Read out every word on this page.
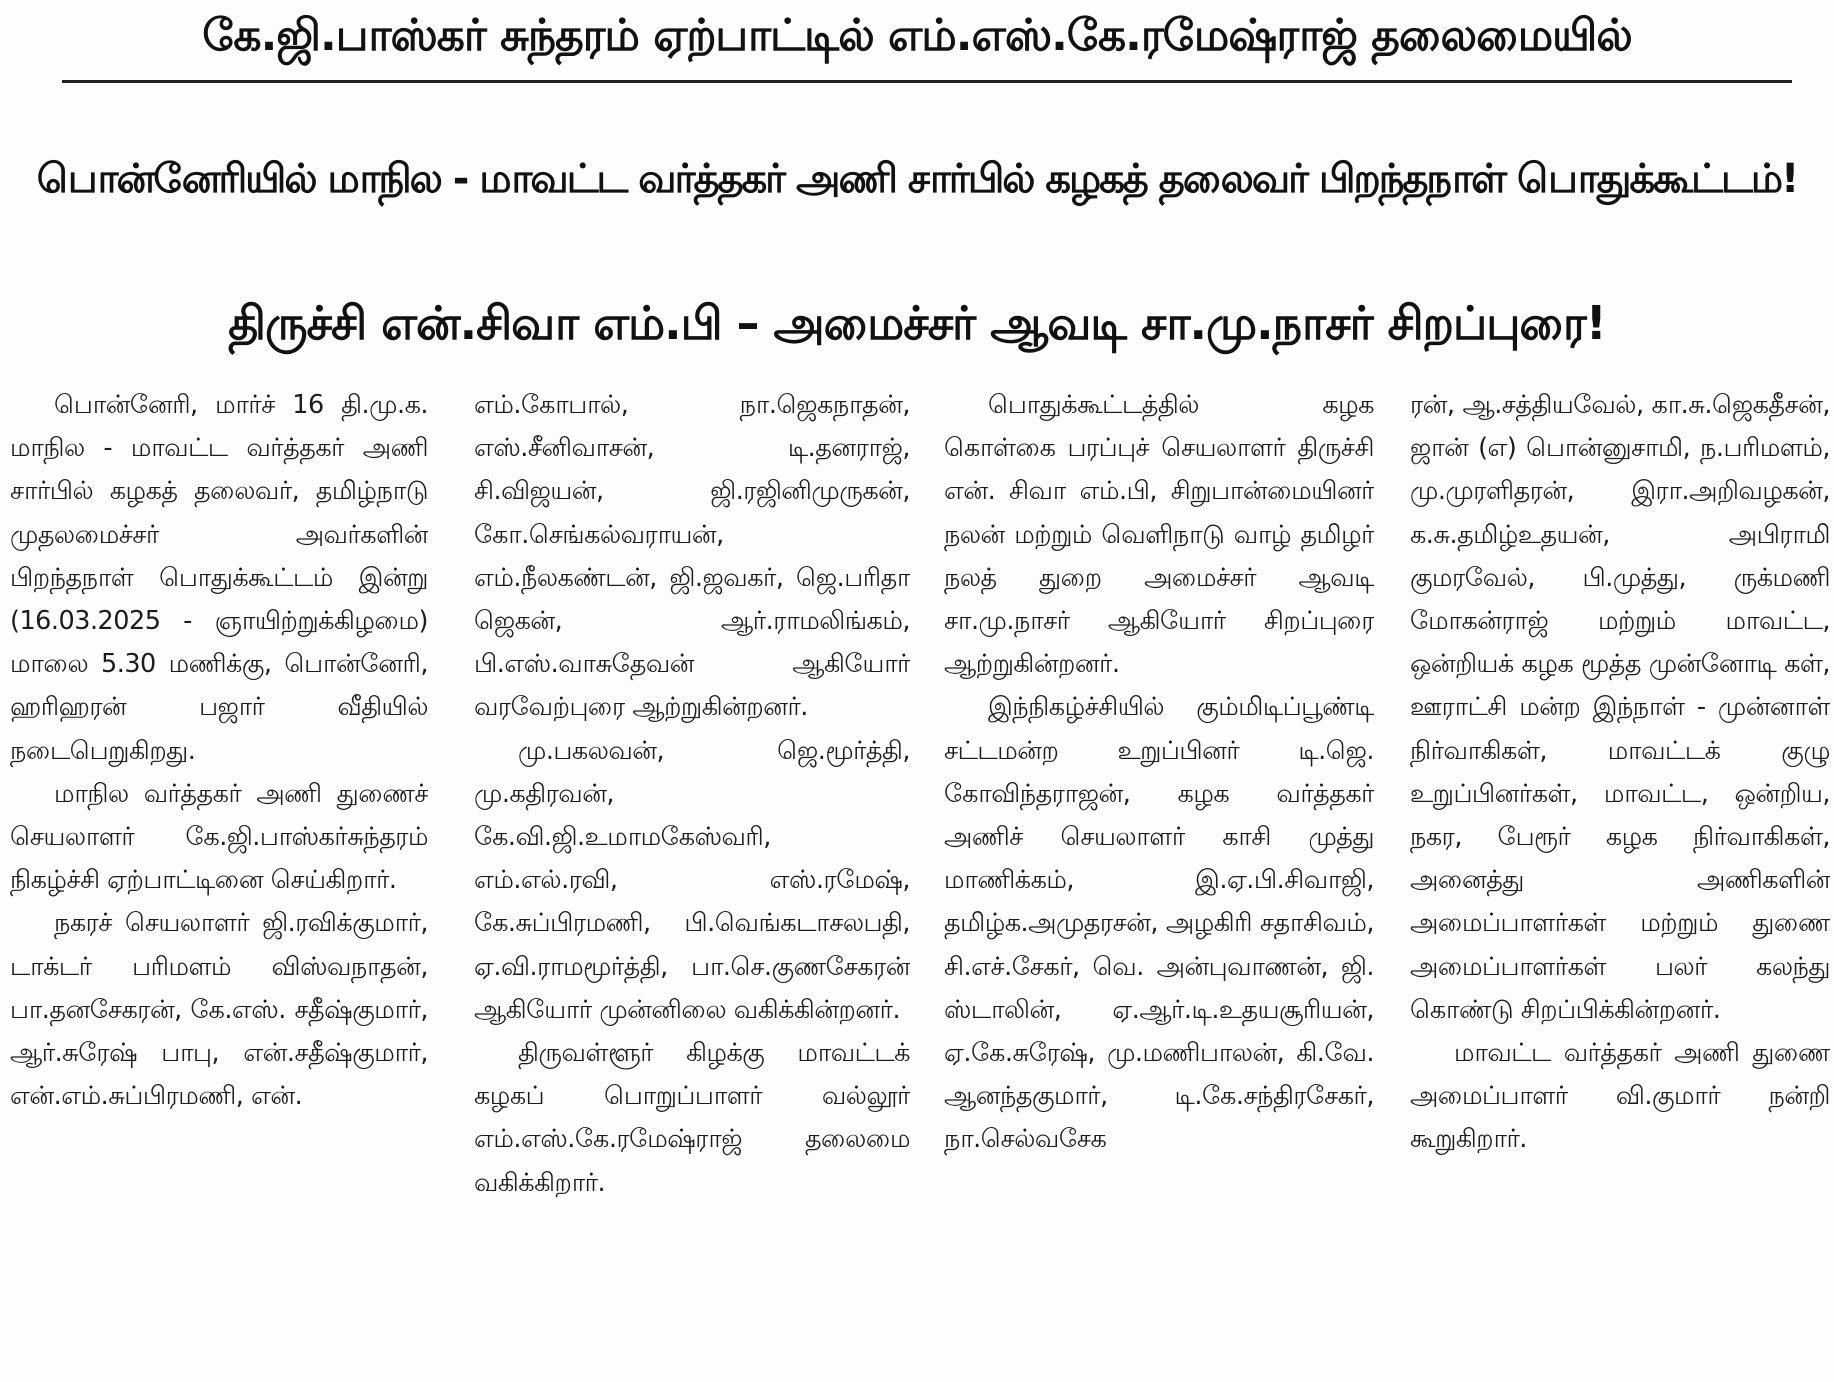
கே.ஜி.பாஸ்கர் சுந்தரம் ஏற்பாட்டில் எம்.எஸ்.கே.ரமேஷ்ராஜ் தலைமையில்
பொன்னேரியில் மாநில - மாவட்ட வர்த்தகர் அணி சார்பில் கழகத் தலைவர் பிறந்தநாள் பொதுக்கூட்டம்!
திருச்சி என்.சிவா எம்.பி – அமைச்சர் ஆவடி சா.மு.நாசர் சிறப்புரை!

பொன்னேரி, மார்ச் 16 தி.மு.க. மாநில - மாவட்ட வர்த்தகர் அணி சார்பில் கழகத் தலைவர், தமிழ்நாடு முதலமைச்சர் அவர்களின் பிறந்தநாள் பொதுக்கூட்டம் இன்று (16.03.2025 - ஞாயிற்றுக்கிழமை) மாலை 5.30 மணிக்கு, பொன்னேரி, ஹரிஹரன் பஜார் வீதியில் நடைபெறுகிறது.

மாநில வர்த்தகர் அணி துணைச் செயலாளர் கே.ஜி.பாஸ்கர்சுந்தரம் நிகழ்ச்சி ஏற்பாட்டினை செய்கிறார்.

நகரச் செயலாளர் ஜி.ரவிக்குமார், டாக்டர் பரிமளம் விஸ்வநாதன், பா.தனசேகரன், கே.எஸ். சதீஷ்குமார், ஆர்.சுரேஷ் பாபு, என்.சதீஷ்குமார், என்.எம்.சுப்பிரமணி, என்.

எம்.கோபால், நா.ஜெகநாதன், எஸ்.சீனிவாசன், டி.தனராஜ், சி.விஜயன், ஜி.ரஜினிமுருகன், கோ.செங்கல்வராயன், எம்.நீலகண்டன், ஜி.ஜவகர், ஜெ.பரிதா ஜெகன், ஆர்.ராமலிங்கம், பி.எஸ்.வாசுதேவன் ஆகியோர் வரவேற்புரை ஆற்றுகின்றனர்.

மு.பகலவன், ஜெ.மூர்த்தி, மு.கதிரவன், கே.வி.ஜி.உமாமகேஸ்வரி, எம்.எல்.ரவி, எஸ்.ரமேஷ், கே.சுப்பிரமணி, பி.வெங்கடாசலபதி, ஏ.வி.ராமமூர்த்தி, பா.செ.குணசேகரன் ஆகியோர் முன்னிலை வகிக்கின்றனர்.

திருவள்ளூர் கிழக்கு மாவட்டக் கழகப் பொறுப்பாளர் வல்லூர் எம்.எஸ்.கே.ரமேஷ்ராஜ் தலைமை வகிக்கிறார்.

பொதுக்கூட்டத்தில் கழக கொள்கை பரப்புச் செயலாளர் திருச்சி என். சிவா எம்.பி, சிறுபான்மையினர் நலன் மற்றும் வெளிநாடு வாழ் தமிழர் நலத் துறை அமைச்சர் ஆவடி சா.மு.நாசர் ஆகியோர் சிறப்புரை ஆற்றுகின்றனர்.

இந்நிகழ்ச்சியில் கும்மிடிப்பூண்டி சட்டமன்ற உறுப்பினர் டி.ஜெ. கோவிந்தராஜன், கழக வர்த்தகர் அணிச் செயலாளர் காசி முத்து மாணிக்கம், இ.ஏ.பி.சிவாஜி, தமிழ்க.அமுதரசன், அழகிரி சதாசிவம், சி.எச்.சேகர், வெ. அன்புவாணன், ஜி. ஸ்டாலின், ஏ.ஆர்.டி.உதயசூரியன், ஏ.கே.சுரேஷ், மு.மணிபாலன், கி.வே. ஆனந்தகுமார், டி.கே.சந்திரசேகர், நா.செல்வசேக

ரன், ஆ.சத்தியவேல், கா.சு.ஜெகதீசன், ஜான் (எ) பொன்னுசாமி, ந.பரிமளம், மு.முரளிதரன், இரா.அறிவழகன், க.சு.தமிழ்உதயன், அபிராமி குமரவேல், பி.முத்து, ருக்மணி மோகன்ராஜ் மற்றும் மாவட்ட, ஒன்றியக் கழக மூத்த முன்னோடி கள், ஊராட்சி மன்ற இந்நாள் - முன்னாள் நிர்வாகிகள், மாவட்டக் குழு உறுப்பினர்கள், மாவட்ட, ஒன்றிய, நகர, பேரூர் கழக நிர்வாகிகள், அனைத்து அணிகளின் அமைப்பாளர்கள் மற்றும் துணை அமைப்பாளர்கள் பலர் கலந்து கொண்டு சிறப்பிக்கின்றனர்.

மாவட்ட வர்த்தகர் அணி துணை அமைப்பாளர் வி.குமார் நன்றி கூறுகிறார்.
